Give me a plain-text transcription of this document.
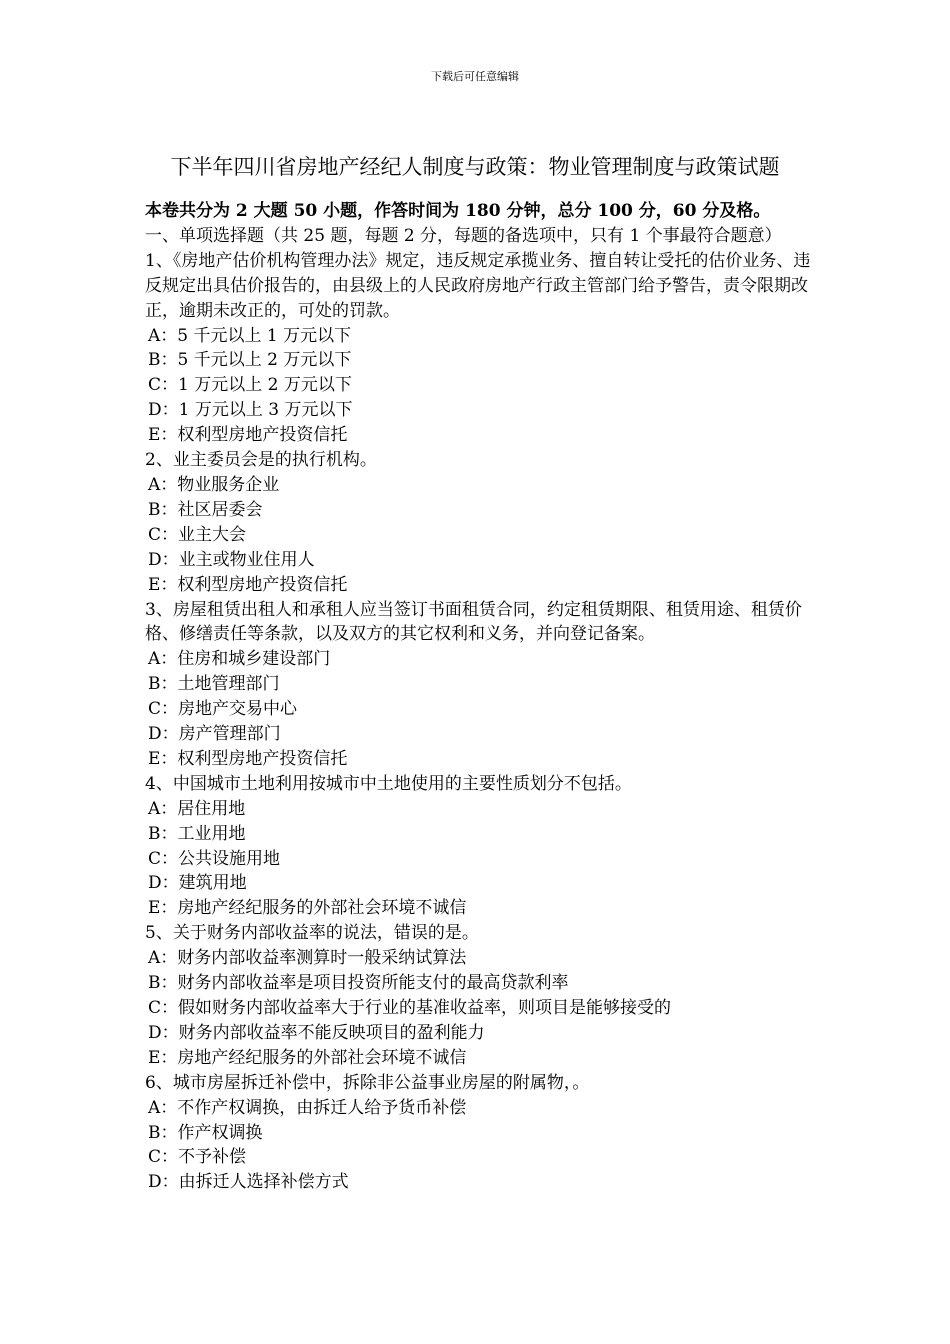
下载后可任意编辑
下半年四川省房地产经纪人制度与政策：物业管理制度与政策试题
本卷共分为 2 大题 50 小题，作答时间为 180 分钟，总分 100 分，60 分及格。
一、单项选择题（共 25 题，每题 2 分，每题的备选项中，只有 1 个事最符合题意）
1、《房地产估价机构管理办法》规定，违反规定承揽业务、擅自转让受托的估价业务、违反规定出具估价报告的，由县级上的人民政府房地产行政主管部门给予警告，责令限期改正，逾期未改正的，可处的罚款。
A：5 千元以上 1 万元以下
B：5 千元以上 2 万元以下
C：1 万元以上 2 万元以下
D：1 万元以上 3 万元以下
E：权利型房地产投资信托
2、业主委员会是的执行机构。
A：物业服务企业
B：社区居委会
C：业主大会
D：业主或物业住用人
E：权利型房地产投资信托
3、房屋租赁出租人和承租人应当签订书面租赁合同，约定租赁期限、租赁用途、租赁价格、修缮责任等条款，以及双方的其它权利和义务，并向登记备案。
A：住房和城乡建设部门
B：土地管理部门
C：房地产交易中心
D：房产管理部门
E：权利型房地产投资信托
4、中国城市土地利用按城市中土地使用的主要性质划分不包括。
A：居住用地
B：工业用地
C：公共设施用地
D：建筑用地
E：房地产经纪服务的外部社会环境不诚信
5、关于财务内部收益率的说法，错误的是。
A：财务内部收益率测算时一般采纳试算法
B：财务内部收益率是项目投资所能支付的最高贷款利率
C：假如财务内部收益率大于行业的基准收益率，则项目是能够接受的
D：财务内部收益率不能反映项目的盈利能力
E：房地产经纪服务的外部社会环境不诚信
6、城市房屋拆迁补偿中，拆除非公益事业房屋的附属物，。
A：不作产权调换，由拆迁人给予货币补偿
B：作产权调换
C：不予补偿
D：由拆迁人选择补偿方式
